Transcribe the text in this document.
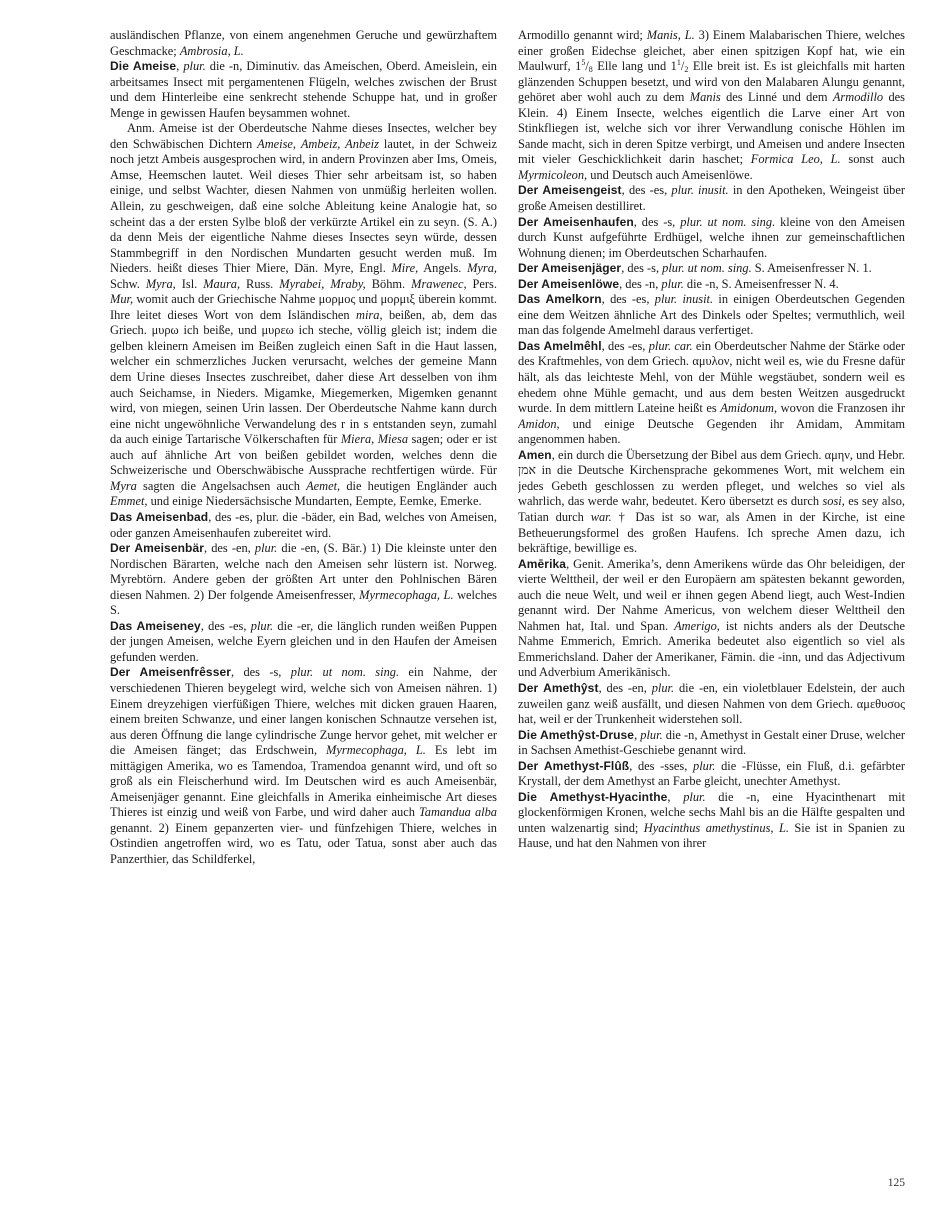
ausländischen Pflanze, von einem angenehmen Geruche und gewürzhaftem Geschmacke; Ambrosia, L.

Die Ameise, plur. die -n, Diminutiv. das Ameischen, Oberd. Ameislein, ein arbeitsames Insect mit pergamentenen Flügeln, welches zwischen der Brust und dem Hinterleibe eine senkrecht stehende Schuppe hat, und in großer Menge in gewissen Haufen beysammen wohnet.

Anm. Ameise ist der Oberdeutsche Nahme dieses Insectes, welcher bey den Schwäbischen Dichtern Ameise, Ambeiz, Anbeiz lautet, in der Schweiz noch jetzt Ambeis ausgesprochen wird, in andern Provinzen aber Ims, Omeis, Amse, Heemschen lautet. Weil dieses Thier sehr arbeitsam ist, so haben einige, und selbst Wachter, diesen Nahmen von unmüßig herleiten wollen. Allein, zu geschweigen, daß eine solche Ableitung keine Analogie hat, so scheint das a der ersten Sylbe bloß der verkürzte Artikel ein zu seyn. (S. A.) da denn Meis der eigentliche Nahme dieses Insectes seyn würde, dessen Stammbegriff in den Nordischen Mundarten gesucht werden muß. Im Nieders. heißt dieses Thier Miere, Dän. Myre, Engl. Mire, Angels. Myra, Schw. Myra, Isl. Maura, Russ. Myrabei, Mraby, Böhm. Mrawenec, Pers. Mur, womit auch der Griechische Nahme μορμος und μορμιξ überein kommt. Ihre leitet dieses Wort von dem Isländischen mira, beißen, ab, dem das Griech. μυρω ich beiße, und μυρεω ich steche, völlig gleich ist; indem die gelben kleinern Ameisen im Beißen zugleich einen Saft in die Haut lassen, welcher ein schmerzliches Jucken verursacht, welches der gemeine Mann dem Urine dieses Insectes zuschreibet, daher diese Art desselben von ihm auch Seichamse, in Nieders. Migamke, Miegemerken, Migemken genannt wird, von miegen, seinen Urin lassen. Der Oberdeutsche Nahme kann durch eine nicht ungewöhnliche Verwandelung des r in s entstanden seyn, zumahl da auch einige Tartarische Völkerschaften für Miera, Miesa sagen; oder er ist auch auf ähnliche Art von beißen gebildet worden, welches denn die Schweizerische und Oberschwäbische Aussprache rechtfertigen würde. Für Myra sagten die Angelsachsen auch Aemet, die heutigen Engländer auch Emmet, und einige Niedersächsische Mundarten, Eempte, Eemke, Emerke.

Das Ameisenbad, des -es, plur. die -bäder, ein Bad, welches von Ameisen, oder ganzen Ameisenhaufen zubereitet wird.

Der Ameisenbär, des -en, plur. die -en, (S. Bär.) 1) Die kleinste unter den Nordischen Bärarten, welche nach den Ameisen sehr lüstern ist. Norweg. Myrebtörn. Andere geben der größten Art unter den Pohlnischen Bären diesen Nahmen. 2) Der folgende Ameisenfresser, Myrmecophaga, L. welches S.

Das Ameiseney, des -es, plur. die -er, die länglich runden weißen Puppen der jungen Ameisen, welche Eyern gleichen und in den Haufen der Ameisen gefunden werden.

Der Ameisenfrêsser, des -s, plur. ut nom. sing. ein Nahme, der verschiedenen Thieren beygelegt wird, welche sich von Ameisen nähren. 1) Einem dreyzehigen vierfüßigen Thiere, welches mit dicken grauen Haaren, einem breiten Schwanze, und einer langen konischen Schnautze versehen ist, aus deren Öffnung die lange cylindrische Zunge hervor gehet, mit welcher er die Ameisen fänget; das Erdschwein, Myrmecophaga, L. Es lebt im mittägigen Amerika, wo es Tamendoa, Tramendoa genannt wird, und oft so groß als ein Fleischerhund wird. Im Deutschen wird es auch Ameisenbär, Ameisenjäger genannt. Eine gleichfalls in Amerika einheimische Art dieses Thieres ist einzig und weiß von Farbe, und wird daher auch Tamandua alba genannt. 2) Einem gepanzerten vier- und fünfzehigen Thiere, welches in Ostindien angetroffen wird, wo es Tatu, oder Tatua, sonst aber auch das Panzerthier, das Schildferkel,

Armodillo genannt wird; Manis, L. 3) Einem Malabarischen Thiere, welches einer großen Eidechse gleichet, aber einen spitzigen Kopf hat, wie ein Maulwurf, $1^5/_8$ Elle lang und $1^1/_2$ Elle breit ist. Es ist gleichfalls mit harten glänzenden Schuppen besetzt, und wird von den Malabaren Alungu genannt, gehöret aber wohl auch zu dem Manis des Linné und dem Armodillo des Klein. 4) Einem Insecte, welches eigentlich die Larve einer Art von Stinkfliegen ist, welche sich vor ihrer Verwandlung conische Höhlen im Sande macht, sich in deren Spitze verbirgt, und Ameisen und andere Insecten mit vieler Geschicklichkeit darin haschet; Formica Leo, L. sonst auch Myrmicoleon, und Deutsch auch Ameisenlöwe.

Der Ameisengeist, des -es, plur. inusit. in den Apotheken, Weingeist über große Ameisen destilliret.

Der Ameisenhaufen, des -s, plur. ut nom. sing. kleine von den Ameisen durch Kunst aufgeführte Erdhügel, welche ihnen zur gemeinschaftlichen Wohnung dienen; im Oberdeutschen Scharhaufen.

Der Ameisenjäger, des -s, plur. ut nom. sing. S. Ameisenfresser N. 1.

Der Ameisenlöwe, des -n, plur. die -n, S. Ameisenfresser N. 4.

Das Amelkorn, des -es, plur. inusit. in einigen Oberdeutschen Gegenden eine dem Weitzen ähnliche Art des Dinkels oder Speltes; vermuthlich, weil man das folgende Amelmehl daraus verfertiget.

Das Amelmêhl, des -es, plur. car. ein Oberdeutscher Nahme der Stärke oder des Kraftmehles, von dem Griech. αμυλον, nicht weil es, wie du Fresne dafür hält, als das leichteste Mehl, von der Mühle wegstäubet, sondern weil es ehedem ohne Mühle gemacht, und aus dem besten Weitzen ausgedruckt wurde. In dem mittlern Lateine heißt es Amidonum, wovon die Franzosen ihr Amidon, und einige Deutsche Gegenden ihr Amidam, Ammitam angenommen haben.

Amen, ein durch die Übersetzung der Bibel aus dem Griech. αμην, und Hebr. אמן in die Deutsche Kirchensprache gekommenes Wort, mit welchem ein jedes Gebeth geschlossen zu werden pfleget, und welches so viel als wahrlich, das werde wahr, bedeutet. Kero übersetzt es durch sosi, es sey also, Tatian durch war. † Das ist so war, als Amen in der Kirche, ist eine Betheuerungsformel des großen Haufens. Ich spreche Amen dazu, ich bekräftige, bewillige es.

Amērika, Genit. Amerika’s, denn Amerikens würde das Ohr beleidigen, der vierte Welttheil, der weil er den Europäern am spätesten bekannt geworden, auch die neue Welt, und weil er ihnen gegen Abend liegt, auch West-Indien genannt wird. Der Nahme Americus, von welchem dieser Welttheil den Nahmen hat, Ital. und Span. Amerigo, ist nichts anders als der Deutsche Nahme Emmerich, Emrich. Amerika bedeutet also eigentlich so viel als Emmerichsland. Daher der Amerikaner, Fämin. die -inn, und das Adjectivum und Adverbium Amerikānisch.

Der Amethŷst, des -en, plur. die -en, ein violetblauer Edelstein, der auch zuweilen ganz weiß ausfällt, und diesen Nahmen von dem Griech. αμεθυσος hat, weil er der Trunkenheit widerstehen soll.

Die Amethŷst-Druse, plur. die -n, Amethyst in Gestalt einer Druse, welcher in Sachsen Amethist-Geschiebe genannt wird.

Der Amethyst-Flûß, des -sses, plur. die -Flüsse, ein Fluß, d.i. gefärbter Krystall, der dem Amethyst an Farbe gleicht, unechter Amethyst.

Die Amethyst-Hyacinthe, plur. die -n, eine Hyacinthenart mit glockenförmigen Kronen, welche sechs Mahl bis an die Hälfte gespalten und unten walzenartig sind; Hyacinthus amethystinus, L. Sie ist in Spanien zu Hause, und hat den Nahmen von ihrer

125
